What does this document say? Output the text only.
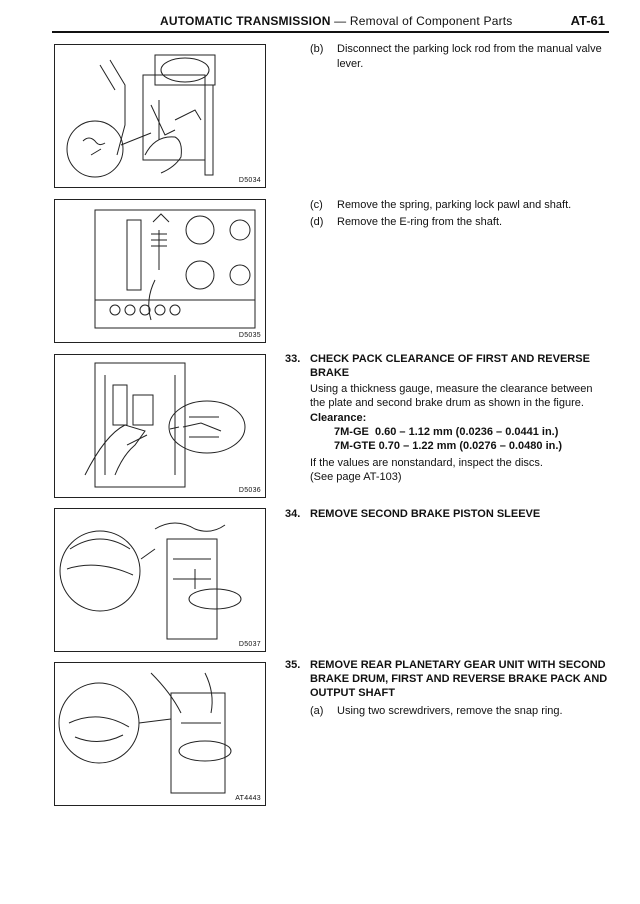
AUTOMATIC TRANSMISSION — Removal of Component Parts	AT-61
D5034
D5035
D5036
D5037
AT4443
(b) Disconnect the parking lock rod from the manual valve lever.
(c) Remove the spring, parking lock pawl and shaft.
(d) Remove the E-ring from the shaft.
33. CHECK PACK CLEARANCE OF FIRST AND REVERSE BRAKE
Using a thickness gauge, measure the clearance between the plate and second brake drum as shown in the figure.
Clearance:
7M-GE  0.60 – 1.12 mm (0.0236 – 0.0441 in.)
7M-GTE 0.70 – 1.22 mm (0.0276 – 0.0480 in.)
If the values are nonstandard, inspect the discs.
(See page AT-103)
34. REMOVE SECOND BRAKE PISTON SLEEVE
35. REMOVE REAR PLANETARY GEAR UNIT WITH SECOND BRAKE DRUM, FIRST AND REVERSE BRAKE PACK AND OUTPUT SHAFT
(a) Using two screwdrivers, remove the snap ring.
